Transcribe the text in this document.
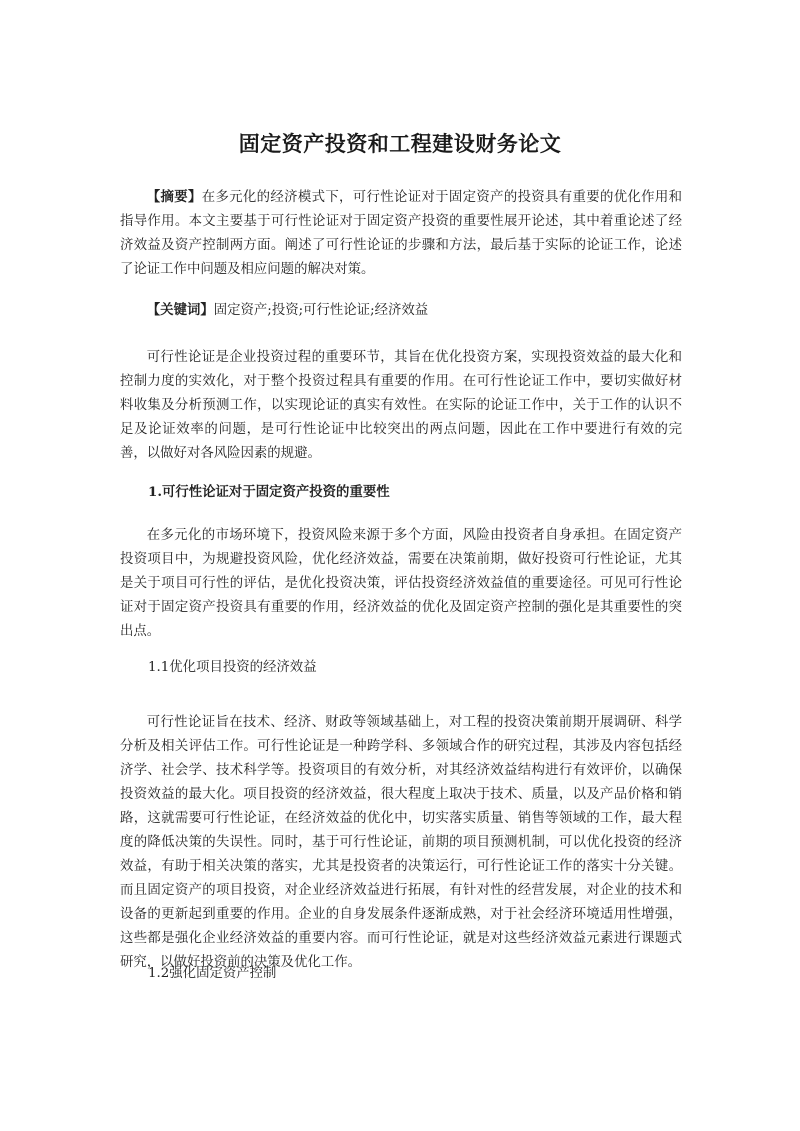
固定资产投资和工程建设财务论文

【摘要】在多元化的经济模式下，可行性论证对于固定资产的投资具有重要的优化作用和指导作用。本文主要基于可行性论证对于固定资产投资的重要性展开论述，其中着重论述了经济效益及资产控制两方面。阐述了可行性论证的步骤和方法，最后基于实际的论证工作，论述了论证工作中问题及相应问题的解决对策。

【关键词】固定资产;投资;可行性论证;经济效益

可行性论证是企业投资过程的重要环节，其旨在优化投资方案，实现投资效益的最大化和控制力度的实效化，对于整个投资过程具有重要的作用。在可行性论证工作中，要切实做好材料收集及分析预测工作，以实现论证的真实有效性。在实际的论证工作中，关于工作的认识不足及论证效率的问题，是可行性论证中比较突出的两点问题，因此在工作中要进行有效的完善，以做好对各风险因素的规避。

1.可行性论证对于固定资产投资的重要性

在多元化的市场环境下，投资风险来源于多个方面，风险由投资者自身承担。在固定资产投资项目中，为规避投资风险，优化经济效益，需要在决策前期，做好投资可行性论证，尤其是关于项目可行性的评估，是优化投资决策，评估投资经济效益值的重要途径。可见可行性论证对于固定资产投资具有重要的作用，经济效益的优化及固定资产控制的强化是其重要性的突出点。

1.1优化项目投资的经济效益

可行性论证旨在技术、经济、财政等领域基础上，对工程的投资决策前期开展调研、科学分析及相关评估工作。可行性论证是一种跨学科、多领域合作的研究过程，其涉及内容包括经济学、社会学、技术科学等。投资项目的有效分析，对其经济效益结构进行有效评价，以确保投资效益的最大化。项目投资的经济效益，很大程度上取决于技术、质量，以及产品价格和销路，这就需要可行性论证，在经济效益的优化中，切实落实质量、销售等领域的工作，最大程度的降低决策的失误性。同时，基于可行性论证，前期的项目预测机制，可以优化投资的经济效益，有助于相关决策的落实，尤其是投资者的决策运行，可行性论证工作的落实十分关键。而且固定资产的项目投资，对企业经济效益进行拓展，有针对性的经营发展，对企业的技术和设备的更新起到重要的作用。企业的自身发展条件逐渐成熟，对于社会经济环境适用性增强，这些都是强化企业经济效益的重要内容。而可行性论证，就是对这些经济效益元素进行课题式研究，以做好投资前的决策及优化工作。

1.2强化固定资产控制
